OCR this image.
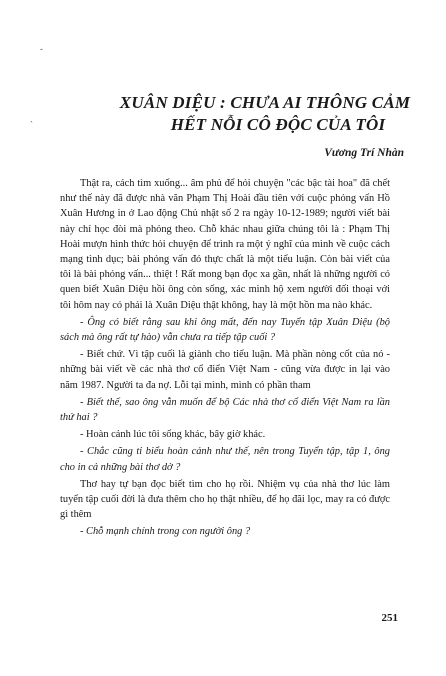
-
`
XUÂN DIỆU : CHƯA AI THÔNG CẢM
HẾT NỖI CÔ ĐỘC CỦA TÔI
Vương Trí Nhàn

Thật ra, cách tìm xuống... âm phủ để hỏi chuyện "các bậc tài hoa" đã chết như thế này đã được nhà văn Phạm Thị Hoài đầu tiên với cuộc phỏng vấn Hồ Xuân Hương in ở Lao động Chủ nhật số 2 ra ngày 10-12-1989; người viết bài này chỉ học đòi mà phỏng theo. Chỗ khác nhau giữa chúng tôi là : Phạm Thị Hoài mượn hình thức hỏi chuyện để trình ra một ý nghĩ của mình về cuộc cách mạng tình dục; bài phỏng vấn đó thực chất là một tiểu luận. Còn bài viết của tôi là bài phỏng vấn... thiệt ! Rất mong bạn đọc xa gần, nhất là những người có quen biết Xuân Diệu hồi ông còn sống, xác minh hộ xem người đối thoại với tôi hôm nay có phải là Xuân Diệu thật không, hay là một hồn ma nào khác.

- Ông có biết rằng sau khi ông mất, đến nay Tuyển tập Xuân Diệu (bộ sách mà ông rất tự hào) vẫn chưa ra tiếp tập cuối ?

- Biết chứ. Vì tập cuối là giành cho tiểu luận. Mà phần nòng cốt của nó - những bài viết về các nhà thơ cổ điển Việt Nam - cũng vừa được in lại vào năm 1987. Người ta đa nợ. Lỗi tại mình, mình có phần tham

- Biết thế, sao ông vẫn muốn để bộ Các nhà thơ cổ điển Việt Nam ra lần thứ hai ?

- Hoàn cảnh lúc tôi sống khác, bây giờ khác.

- Chắc cũng tỉ biểu hoàn cảnh như thế, nên trong Tuyển tập, tập 1, ông cho in cả những bài thơ dở ?

Thơ hay tự bạn đọc biết tìm cho họ rồi. Nhiệm vụ của nhà thơ lúc làm tuyển tập cuối đời là đưa thêm cho họ thật nhiều, để họ đãi lọc, may ra có được gì thêm

- Chỗ mạnh chính trong con người ông ?

251
